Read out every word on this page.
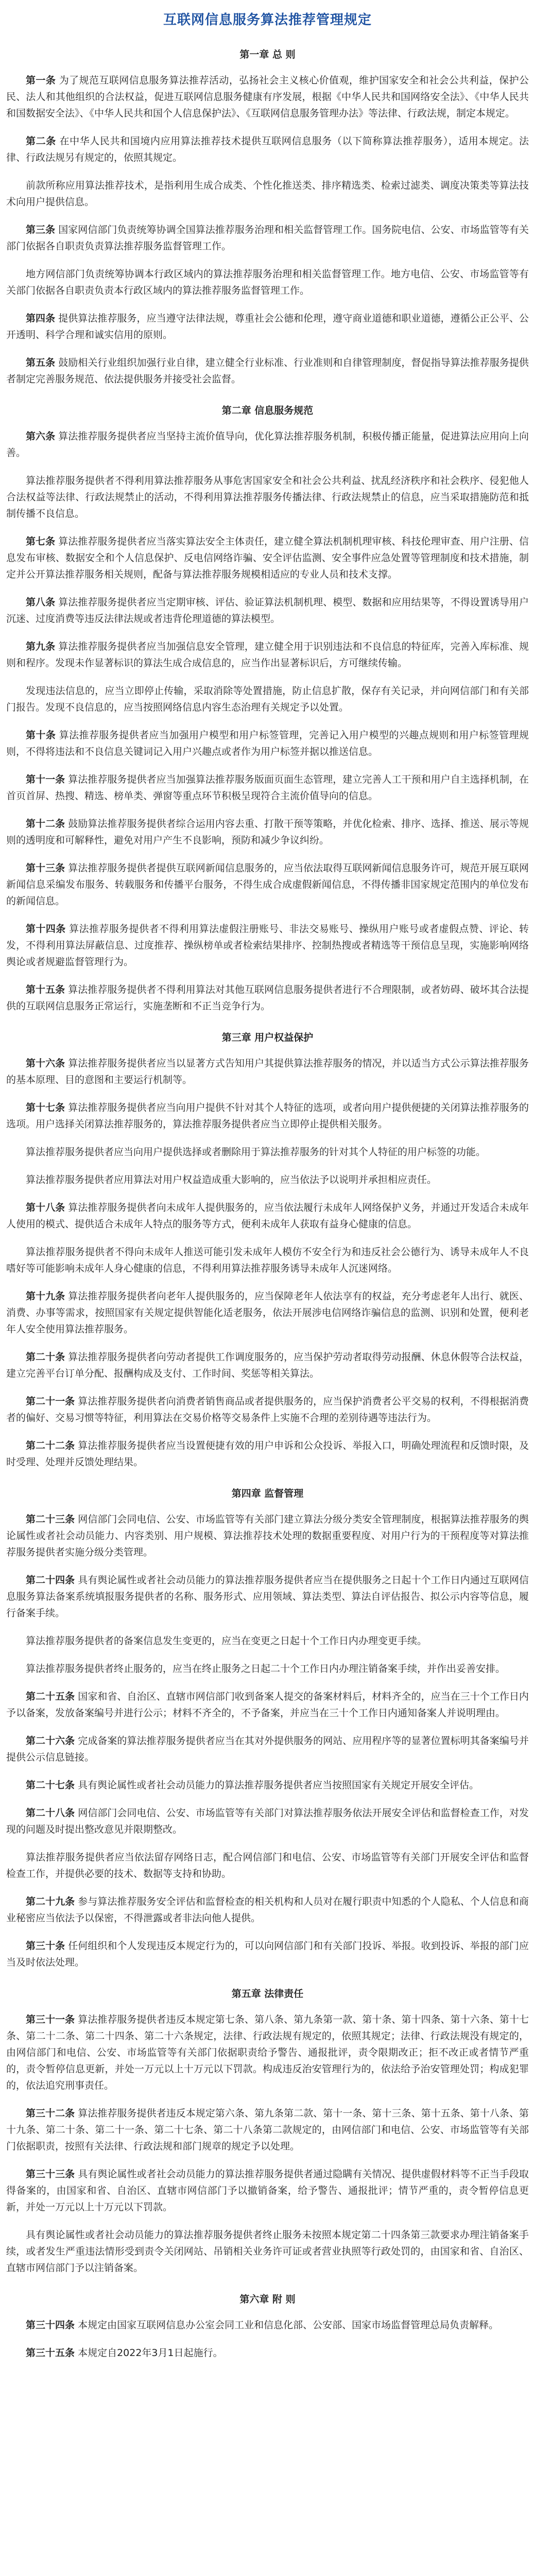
互联网信息服务算法推荐管理规定
第一章 总 则

第一条 为了规范互联网信息服务算法推荐活动，弘扬社会主义核心价值观，维护国家安全和社会公共利益，保护公民、法人和其他组织的合法权益，促进互联网信息服务健康有序发展，根据《中华人民共和国网络安全法》、《中华人民共和国数据安全法》、《中华人民共和国个人信息保护法》、《互联网信息服务管理办法》等法律、行政法规，制定本规定。

第二条 在中华人民共和国境内应用算法推荐技术提供互联网信息服务（以下简称算法推荐服务），适用本规定。法律、行政法规另有规定的，依照其规定。

前款所称应用算法推荐技术，是指利用生成合成类、个性化推送类、排序精选类、检索过滤类、调度决策类等算法技术向用户提供信息。

第三条 国家网信部门负责统筹协调全国算法推荐服务治理和相关监督管理工作。国务院电信、公安、市场监管等有关部门依据各自职责负责算法推荐服务监督管理工作。

地方网信部门负责统筹协调本行政区域内的算法推荐服务治理和相关监督管理工作。地方电信、公安、市场监管等有关部门依据各自职责负责本行政区域内的算法推荐服务监督管理工作。

第四条 提供算法推荐服务，应当遵守法律法规，尊重社会公德和伦理，遵守商业道德和职业道德，遵循公正公平、公开透明、科学合理和诚实信用的原则。

第五条 鼓励相关行业组织加强行业自律，建立健全行业标准、行业准则和自律管理制度，督促指导算法推荐服务提供者制定完善服务规范、依法提供服务并接受社会监督。

第二章 信息服务规范

第六条 算法推荐服务提供者应当坚持主流价值导向，优化算法推荐服务机制，积极传播正能量，促进算法应用向上向善。

算法推荐服务提供者不得利用算法推荐服务从事危害国家安全和社会公共利益、扰乱经济秩序和社会秩序、侵犯他人合法权益等法律、行政法规禁止的活动，不得利用算法推荐服务传播法律、行政法规禁止的信息，应当采取措施防范和抵制传播不良信息。

第七条 算法推荐服务提供者应当落实算法安全主体责任，建立健全算法机制机理审核、科技伦理审查、用户注册、信息发布审核、数据安全和个人信息保护、反电信网络诈骗、安全评估监测、安全事件应急处置等管理制度和技术措施，制定并公开算法推荐服务相关规则，配备与算法推荐服务规模相适应的专业人员和技术支撑。

第八条 算法推荐服务提供者应当定期审核、评估、验证算法机制机理、模型、数据和应用结果等，不得设置诱导用户沉迷、过度消费等违反法律法规或者违背伦理道德的算法模型。

第九条 算法推荐服务提供者应当加强信息安全管理，建立健全用于识别违法和不良信息的特征库，完善入库标准、规则和程序。发现未作显著标识的算法生成合成信息的，应当作出显著标识后，方可继续传输。

发现违法信息的，应当立即停止传输，采取消除等处置措施，防止信息扩散，保存有关记录，并向网信部门和有关部门报告。发现不良信息的，应当按照网络信息内容生态治理有关规定予以处置。

第十条 算法推荐服务提供者应当加强用户模型和用户标签管理，完善记入用户模型的兴趣点规则和用户标签管理规则，不得将违法和不良信息关键词记入用户兴趣点或者作为用户标签并据以推送信息。

第十一条 算法推荐服务提供者应当加强算法推荐服务版面页面生态管理，建立完善人工干预和用户自主选择机制，在首页首屏、热搜、精选、榜单类、弹窗等重点环节积极呈现符合主流价值导向的信息。

第十二条 鼓励算法推荐服务提供者综合运用内容去重、打散干预等策略，并优化检索、排序、选择、推送、展示等规则的透明度和可解释性，避免对用户产生不良影响，预防和减少争议纠纷。

第十三条 算法推荐服务提供者提供互联网新闻信息服务的，应当依法取得互联网新闻信息服务许可，规范开展互联网新闻信息采编发布服务、转载服务和传播平台服务，不得生成合成虚假新闻信息，不得传播非国家规定范围内的单位发布的新闻信息。

第十四条 算法推荐服务提供者不得利用算法虚假注册账号、非法交易账号、操纵用户账号或者虚假点赞、评论、转发，不得利用算法屏蔽信息、过度推荐、操纵榜单或者检索结果排序、控制热搜或者精选等干预信息呈现，实施影响网络舆论或者规避监督管理行为。

第十五条 算法推荐服务提供者不得利用算法对其他互联网信息服务提供者进行不合理限制，或者妨碍、破坏其合法提供的互联网信息服务正常运行，实施垄断和不正当竞争行为。

第三章 用户权益保护

第十六条 算法推荐服务提供者应当以显著方式告知用户其提供算法推荐服务的情况，并以适当方式公示算法推荐服务的基本原理、目的意图和主要运行机制等。

第十七条 算法推荐服务提供者应当向用户提供不针对其个人特征的选项，或者向用户提供便捷的关闭算法推荐服务的选项。用户选择关闭算法推荐服务的，算法推荐服务提供者应当立即停止提供相关服务。

算法推荐服务提供者应当向用户提供选择或者删除用于算法推荐服务的针对其个人特征的用户标签的功能。

算法推荐服务提供者应用算法对用户权益造成重大影响的，应当依法予以说明并承担相应责任。

第十八条 算法推荐服务提供者向未成年人提供服务的，应当依法履行未成年人网络保护义务，并通过开发适合未成年人使用的模式、提供适合未成年人特点的服务等方式，便利未成年人获取有益身心健康的信息。

算法推荐服务提供者不得向未成年人推送可能引发未成年人模仿不安全行为和违反社会公德行为、诱导未成年人不良嗜好等可能影响未成年人身心健康的信息，不得利用算法推荐服务诱导未成年人沉迷网络。

第十九条 算法推荐服务提供者向老年人提供服务的，应当保障老年人依法享有的权益，充分考虑老年人出行、就医、消费、办事等需求，按照国家有关规定提供智能化适老服务，依法开展涉电信网络诈骗信息的监测、识别和处置，便利老年人安全使用算法推荐服务。

第二十条 算法推荐服务提供者向劳动者提供工作调度服务的，应当保护劳动者取得劳动报酬、休息休假等合法权益，建立完善平台订单分配、报酬构成及支付、工作时间、奖惩等相关算法。

第二十一条 算法推荐服务提供者向消费者销售商品或者提供服务的，应当保护消费者公平交易的权利，不得根据消费者的偏好、交易习惯等特征，利用算法在交易价格等交易条件上实施不合理的差别待遇等违法行为。

第二十二条 算法推荐服务提供者应当设置便捷有效的用户申诉和公众投诉、举报入口，明确处理流程和反馈时限，及时受理、处理并反馈处理结果。

第四章 监督管理

第二十三条 网信部门会同电信、公安、市场监管等有关部门建立算法分级分类安全管理制度，根据算法推荐服务的舆论属性或者社会动员能力、内容类别、用户规模、算法推荐技术处理的数据重要程度、对用户行为的干预程度等对算法推荐服务提供者实施分级分类管理。

第二十四条 具有舆论属性或者社会动员能力的算法推荐服务提供者应当在提供服务之日起十个工作日内通过互联网信息服务算法备案系统填报服务提供者的名称、服务形式、应用领域、算法类型、算法自评估报告、拟公示内容等信息，履行备案手续。

算法推荐服务提供者的备案信息发生变更的，应当在变更之日起十个工作日内办理变更手续。

算法推荐服务提供者终止服务的，应当在终止服务之日起二十个工作日内办理注销备案手续，并作出妥善安排。

第二十五条 国家和省、自治区、直辖市网信部门收到备案人提交的备案材料后，材料齐全的，应当在三十个工作日内予以备案，发放备案编号并进行公示；材料不齐全的，不予备案，并应当在三十个工作日内通知备案人并说明理由。

第二十六条 完成备案的算法推荐服务提供者应当在其对外提供服务的网站、应用程序等的显著位置标明其备案编号并提供公示信息链接。

第二十七条 具有舆论属性或者社会动员能力的算法推荐服务提供者应当按照国家有关规定开展安全评估。

第二十八条 网信部门会同电信、公安、市场监管等有关部门对算法推荐服务依法开展安全评估和监督检查工作，对发现的问题及时提出整改意见并限期整改。

算法推荐服务提供者应当依法留存网络日志，配合网信部门和电信、公安、市场监管等有关部门开展安全评估和监督检查工作，并提供必要的技术、数据等支持和协助。

第二十九条 参与算法推荐服务安全评估和监督检查的相关机构和人员对在履行职责中知悉的个人隐私、个人信息和商业秘密应当依法予以保密，不得泄露或者非法向他人提供。

第三十条 任何组织和个人发现违反本规定行为的，可以向网信部门和有关部门投诉、举报。收到投诉、举报的部门应当及时依法处理。

第五章 法律责任

第三十一条 算法推荐服务提供者违反本规定第七条、第八条、第九条第一款、第十条、第十四条、第十六条、第十七条、第二十二条、第二十四条、第二十六条规定，法律、行政法规有规定的，依照其规定；法律、行政法规没有规定的，由网信部门和电信、公安、市场监管等有关部门依据职责给予警告、通报批评，责令限期改正；拒不改正或者情节严重的，责令暂停信息更新，并处一万元以上十万元以下罚款。构成违反治安管理行为的，依法给予治安管理处罚；构成犯罪的，依法追究刑事责任。

第三十二条 算法推荐服务提供者违反本规定第六条、第九条第二款、第十一条、第十三条、第十五条、第十八条、第十九条、第二十条、第二十一条、第二十七条、第二十八条第二款规定的，由网信部门和电信、公安、市场监管等有关部门依据职责，按照有关法律、行政法规和部门规章的规定予以处理。

第三十三条 具有舆论属性或者社会动员能力的算法推荐服务提供者通过隐瞒有关情况、提供虚假材料等不正当手段取得备案的，由国家和省、自治区、直辖市网信部门予以撤销备案，给予警告、通报批评；情节严重的，责令暂停信息更新，并处一万元以上十万元以下罚款。

具有舆论属性或者社会动员能力的算法推荐服务提供者终止服务未按照本规定第二十四条第三款要求办理注销备案手续，或者发生严重违法情形受到责令关闭网站、吊销相关业务许可证或者营业执照等行政处罚的，由国家和省、自治区、直辖市网信部门予以注销备案。

第六章 附 则

第三十四条 本规定由国家互联网信息办公室会同工业和信息化部、公安部、国家市场监督管理总局负责解释。

第三十五条 本规定自2022年3月1日起施行。
